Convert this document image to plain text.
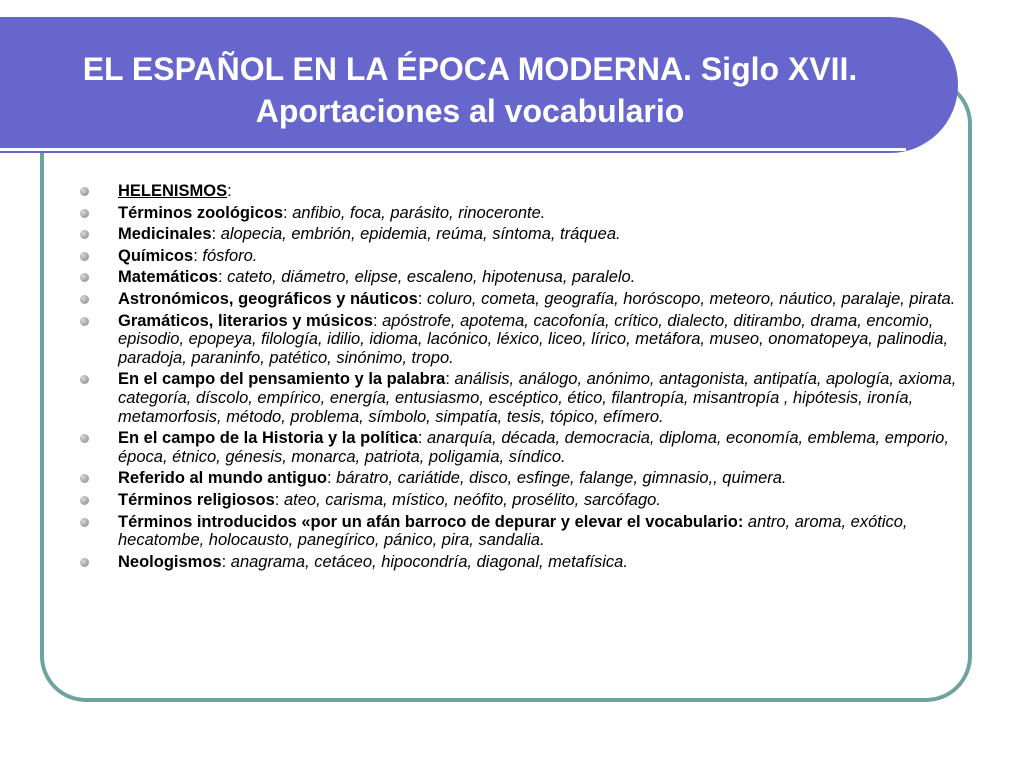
EL ESPAÑOL EN LA ÉPOCA MODERNA. Siglo XVII. Aportaciones al vocabulario
HELENISMOS:
Términos zoológicos: anfibio, foca, parásito, rinoceronte.
Medicinales: alopecia, embrión, epidemia, reúma, síntoma, tráquea.
Químicos: fósforo.
Matemáticos: cateto, diámetro, elipse, escaleno, hipotenusa, paralelo.
Astronómicos, geográficos y náuticos: coluro, cometa, geografía, horóscopo, meteoro, náutico, paralaje, pirata.
Gramáticos, literarios y músicos: apóstrofe, apotema, cacofonía, crítico, dialecto, ditirambo, drama, encomio, episodio, epopeya, filología, idilio, idioma, lacónico, léxico, liceo, lírico, metáfora, museo, onomatopeya, palinodia, paradoja, paraninfo, patético, sinónimo, tropo.
En el campo del pensamiento y la palabra: análisis, análogo, anónimo, antagonista, antipatía, apología, axioma, categoría, díscolo, empírico, energía, entusiasmo, escéptico, ético, filantropía, misantropía , hipótesis, ironía, metamorfosis, método, problema, símbolo, simpatía, tesis, tópico, efímero.
En el campo de la Historia y la política: anarquía, década, democracia, diploma, economía, emblema, emporio, época, étnico, génesis, monarca, patriota, poligamia, síndico.
Referido al mundo antiguo: báratro, cariátide, disco, esfinge, falange, gimnasio,, quimera.
Términos religiosos: ateo, carisma, místico, neófito, prosélito, sarcófago.
Términos introducidos «por un afán barroco de depurar y elevar el vocabulario: antro, aroma, exótico, hecatombe, holocausto, panegírico, pánico, pira, sandalia.
Neologismos: anagrama, cetáceo, hipocondría, diagonal, metafísica.
